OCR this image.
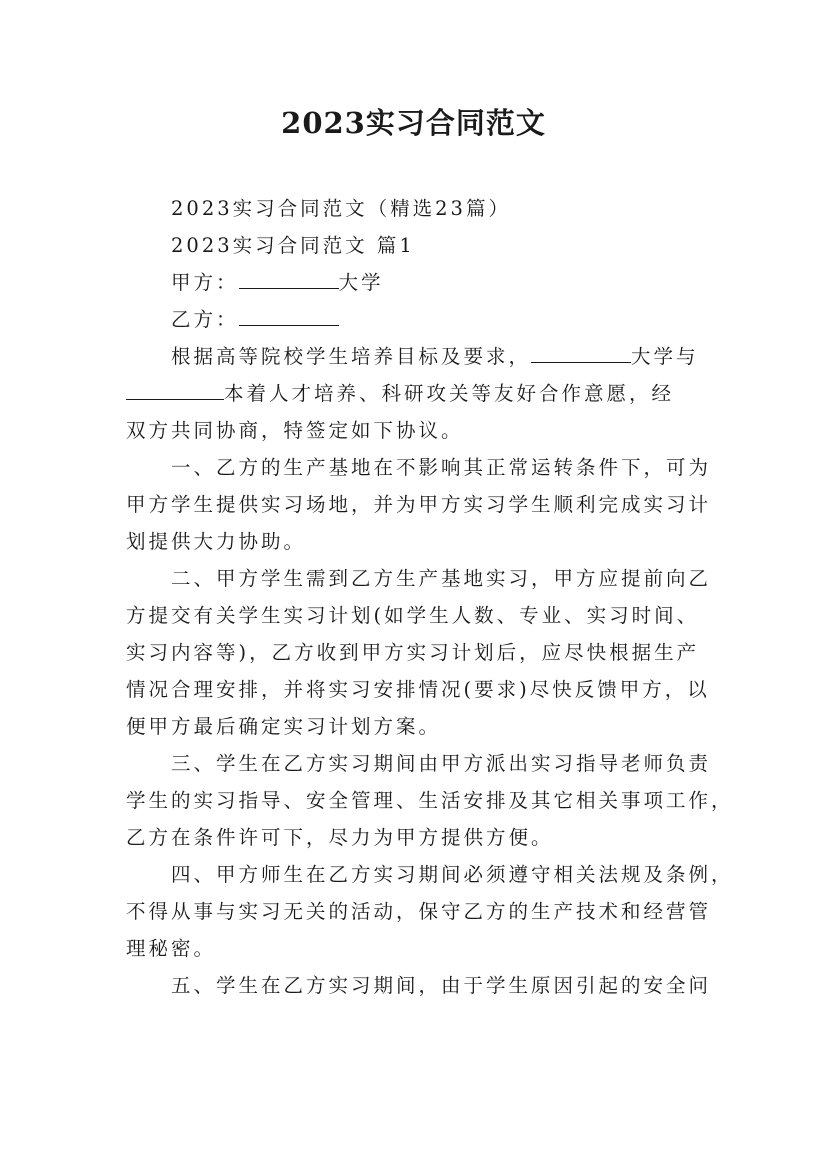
2023实习合同范文
2023实习合同范文（精选23篇）
2023实习合同范文 篇1
甲方：	大学
乙方：
根据高等院校学生培养目标及要求，	大学与
本着人才培养、科研攻关等友好合作意愿，经
双方共同协商，特签定如下协议。
一、乙方的生产基地在不影响其正常运转条件下，可为
甲方学生提供实习场地，并为甲方实习学生顺利完成实习计
划提供大力协助。
二、甲方学生需到乙方生产基地实习，甲方应提前向乙
方提交有关学生实习计划(如学生人数、专业、实习时间、
实习内容等)，乙方收到甲方实习计划后，应尽快根据生产
情况合理安排，并将实习安排情况(要求)尽快反馈甲方，以
便甲方最后确定实习计划方案。
三、学生在乙方实习期间由甲方派出实习指导老师负责
学生的实习指导、安全管理、生活安排及其它相关事项工作，
乙方在条件许可下，尽力为甲方提供方便。
四、甲方师生在乙方实习期间必须遵守相关法规及条例，
不得从事与实习无关的活动，保守乙方的生产技术和经营管
理秘密。
五、学生在乙方实习期间，由于学生原因引起的安全问
